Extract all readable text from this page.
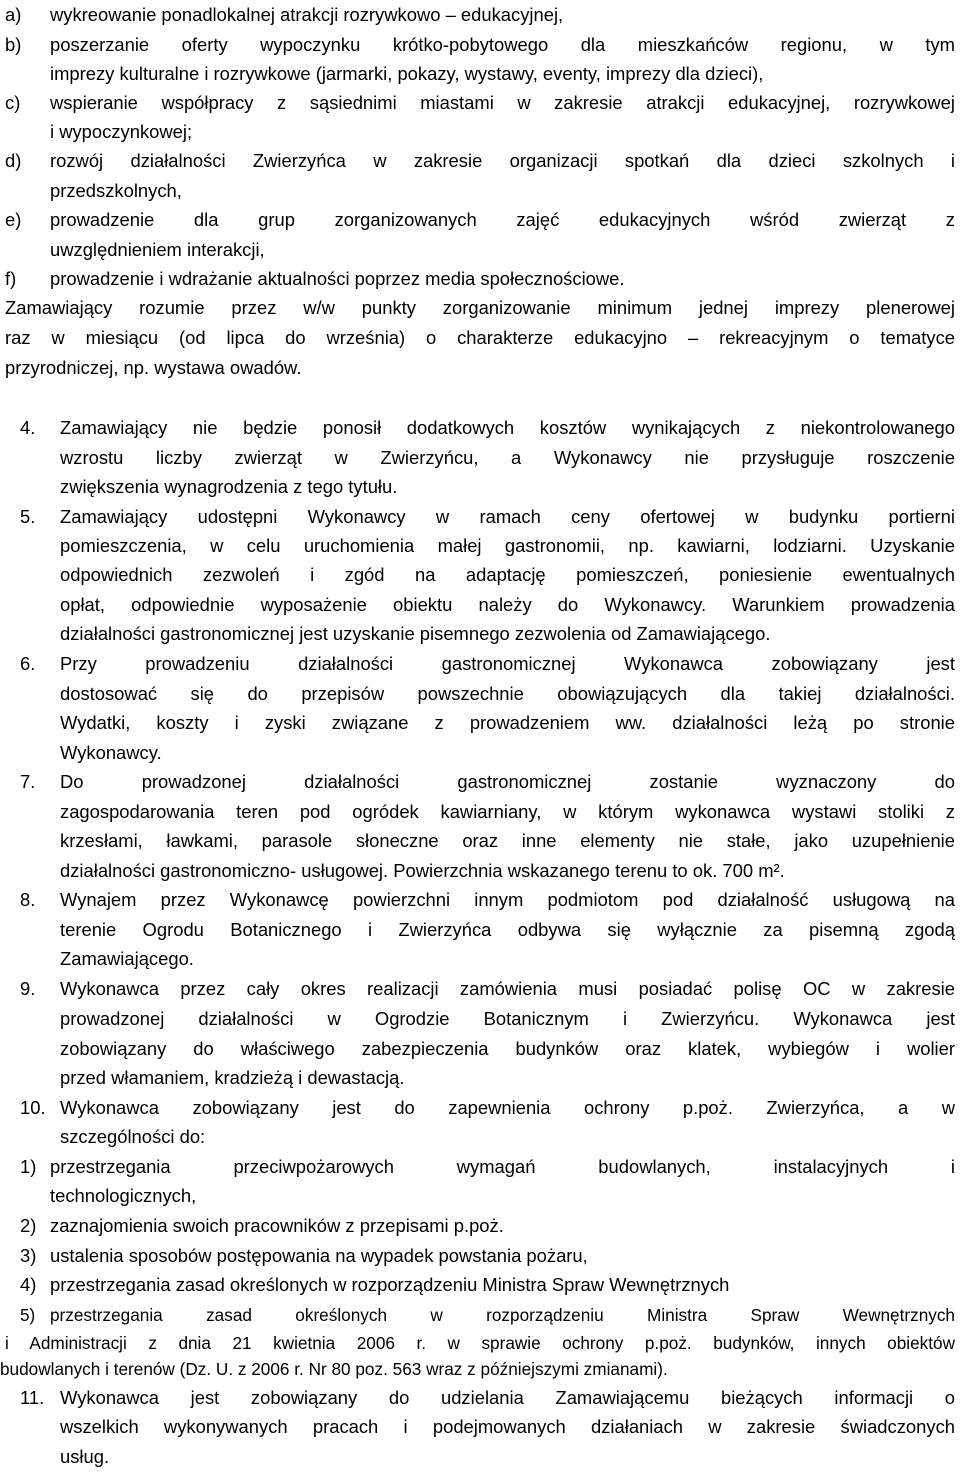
a) wykreowanie ponadlokalnej atrakcji rozrywkowo – edukacyjnej,
poszerzanie oferty wypoczynku krótko-pobytowego dla mieszkańców regionu, w tym
b)
imprezy kulturalne i rozrywkowe (jarmarki, pokazy, wystawy, eventy, imprezy dla dzieci),
c) wspieranie współpracy z sąsiednimi miastami w zakresie atrakcji edukacyjnej, rozrywkowej
i wypoczynkowej;
d) rozwój działalności Zwierzyńca w zakresie organizacji spotkań dla dzieci szkolnych i
przedszkolnych,
e) prowadzenie dla grup zorganizowanych zajęć edukacyjnych wśród zwierząt z
uwzględnieniem interakcji,
f) prowadzenie i wdrażanie aktualności poprzez media społecznościowe.
Zamawiający rozumie przez w/w punkty zorganizowanie minimum jednej imprezy plenerowej
raz w miesiącu (od lipca do września) o charakterze edukacyjno – rekreacyjnym o tematyce
przyrodniczej, np. wystawa owadów.
4. Zamawiający nie będzie ponosił dodatkowych kosztów wynikających z niekontrolowanego
wzrostu liczby zwierząt w Zwierzyńcu, a Wykonawcy nie przysługuje roszczenie
zwiększenia wynagrodzenia z tego tytułu.
5. Zamawiający udostępni Wykonawcy w ramach ceny ofertowej w budynku portierni
pomieszczenia, w celu uruchomienia małej gastronomii, np. kawiarni, lodziarni. Uzyskanie
odpowiednich zezwoleń i zgód na adaptację pomieszczeń, poniesienie ewentualnych
opłat, odpowiednie wyposażenie obiektu należy do Wykonawcy. Warunkiem prowadzenia
działalności gastronomicznej jest uzyskanie pisemnego zezwolenia od Zamawiającego.
6. Przy prowadzeniu działalności gastronomicznej Wykonawca zobowiązany jest
dostosować się do przepisów powszechnie obowiązujących dla takiej działalności.
Wydatki, koszty i zyski związane z prowadzeniem ww. działalności leżą po stronie
Wykonawcy.
7. Do prowadzonej działalności gastronomicznej zostanie wyznaczony do
zagospodarowania teren pod ogródek kawiarniany, w którym wykonawca wystawi stoliki z
krzesłami, ławkami, parasole słoneczne oraz inne elementy nie stałe, jako uzupełnienie
działalności gastronomiczno- usługowej. Powierzchnia wskazanego terenu to ok. 700 m².
8. Wynajem przez Wykonawcę powierzchni innym podmiotom pod działalność usługową na
terenie Ogrodu Botanicznego i Zwierzyńca odbywa się wyłącznie za pisemną zgodą
Zamawiającego.
9. Wykonawca przez cały okres realizacji zamówienia musi posiadać polisę OC w zakresie
prowadzonej działalności w Ogrodzie Botanicznym i Zwierzyńcu. Wykonawca jest
zobowiązany do właściwego zabezpieczenia budynków oraz klatek, wybiegów i wolier
przed włamaniem, kradzieżą i dewastacją.
10. Wykonawca zobowiązany jest do zapewnienia ochrony p.poż. Zwierzyńca, a w
szczególności do:
1) przestrzegania przeciwpożarowych wymagań budowlanych, instalacyjnych i
technologicznych,
2) zaznajomienia swoich pracowników z przepisami p.poż.
3) ustalenia sposobów postępowania na wypadek powstania pożaru,
4) przestrzegania zasad określonych w rozporządzeniu Ministra Spraw Wewnętrznych
5) przestrzegania zasad określonych w rozporządzeniu Ministra Spraw Wewnętrznych
i Administracji z dnia 21 kwietnia 2006 r. w sprawie ochrony p.poż. budynków, innych obiektów
budowlanych i terenów (Dz. U. z 2006 r. Nr 80 poz. 563 wraz z późniejszymi zmianami).
11. Wykonawca jest zobowiązany do udzielania Zamawiającemu bieżących informacji o
wszelkich wykonywanych pracach i podejmowanych działaniach w zakresie świadczonych
usług.
